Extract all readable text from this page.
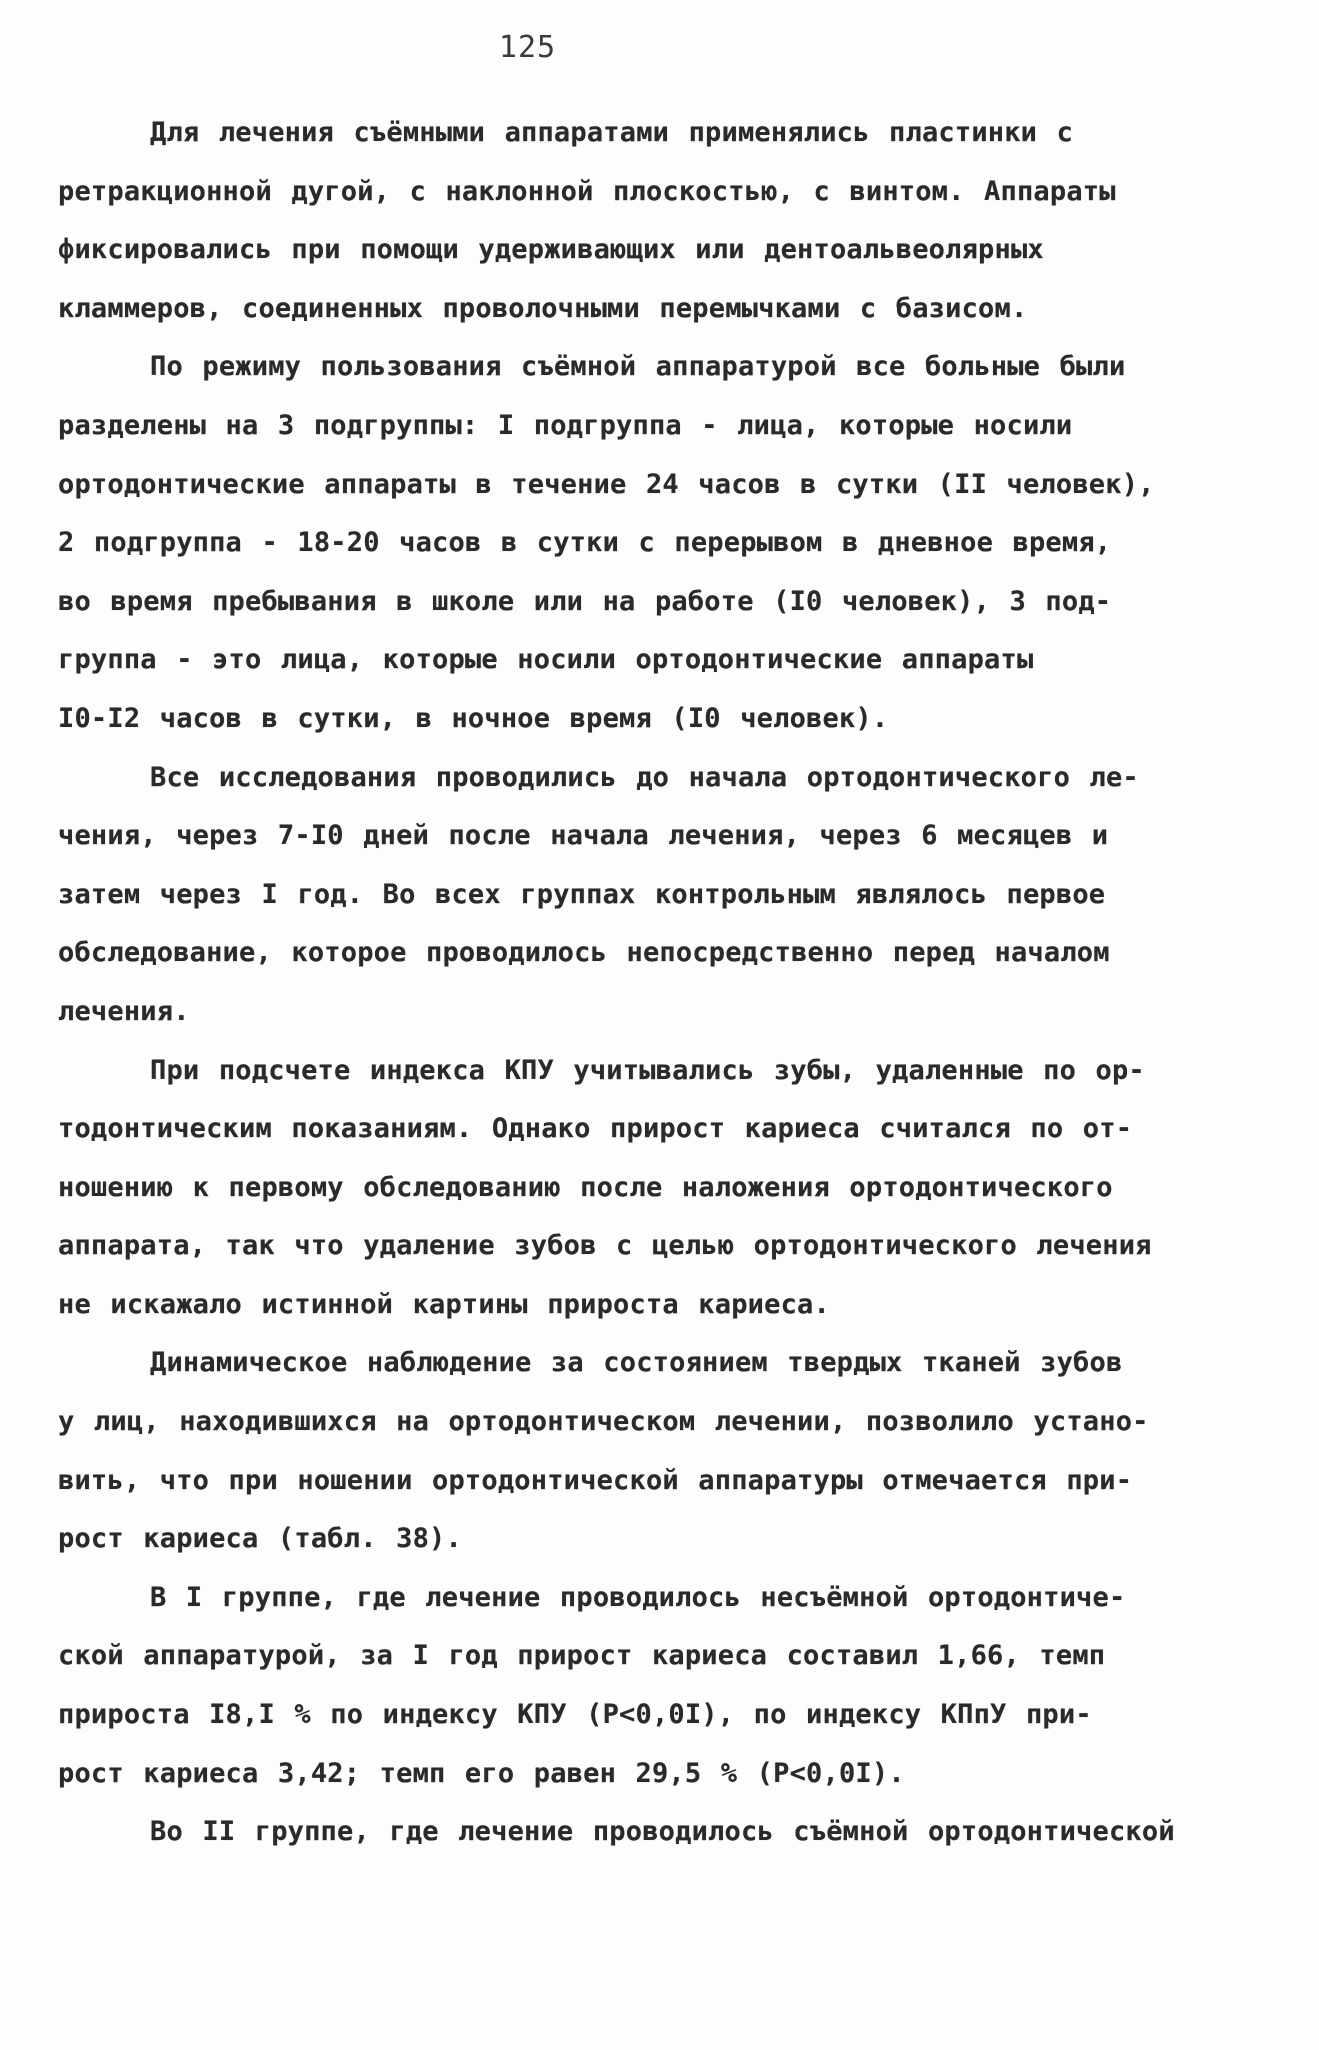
125
Для лечения съёмными аппаратами применялись пластинки с
ретракционной дугой, с наклонной плоскостью, с винтом. Аппараты
фиксировались при помощи удерживающих или дентоальвеолярных
кламмеров, соединенных проволочными перемычками с базисом.
По режиму пользования съёмной аппаратурой все больные были
разделены на 3 подгруппы: I подгруппа - лица, которые носили
ортодонтические аппараты в течение 24 часов в сутки (II человек),
2 подгруппа - 18-20 часов в сутки с перерывом в дневное время,
во время пребывания в школе или на работе (I0 человек), 3 под-
группа - это лица, которые носили ортодонтические аппараты
I0-I2 часов в сутки, в ночное время (I0 человек).
Все исследования проводились до начала ортодонтического ле-
чения, через 7-I0 дней после начала лечения, через 6 месяцев и
затем через I год. Во всех группах контрольным являлось первое
обследование, которое проводилось непосредственно перед началом
лечения.
При подсчете индекса КПУ учитывались зубы, удаленные по ор-
тодонтическим показаниям. Однако прирост кариеса считался по от-
ношению к первому обследованию после наложения ортодонтического
аппарата, так что удаление зубов с целью ортодонтического лечения
не искажало истинной картины прироста кариеса.
Динамическое наблюдение за состоянием твердых тканей зубов
у лиц, находившихся на ортодонтическом лечении, позволило устано-
вить, что при ношении ортодонтической аппаратуры отмечается при-
рост кариеса (табл. 38).
В I группе, где лечение проводилось несъёмной ортодонтиче-
ской аппаратурой, за I год прирост кариеса составил 1,66, темп
прироста I8,I % по индексу КПУ (P<0,0I), по индексу КПпУ при-
рост кариеса 3,42; темп его равен 29,5 % (P<0,0I).
Во II группе, где лечение проводилось съёмной ортодонтической
